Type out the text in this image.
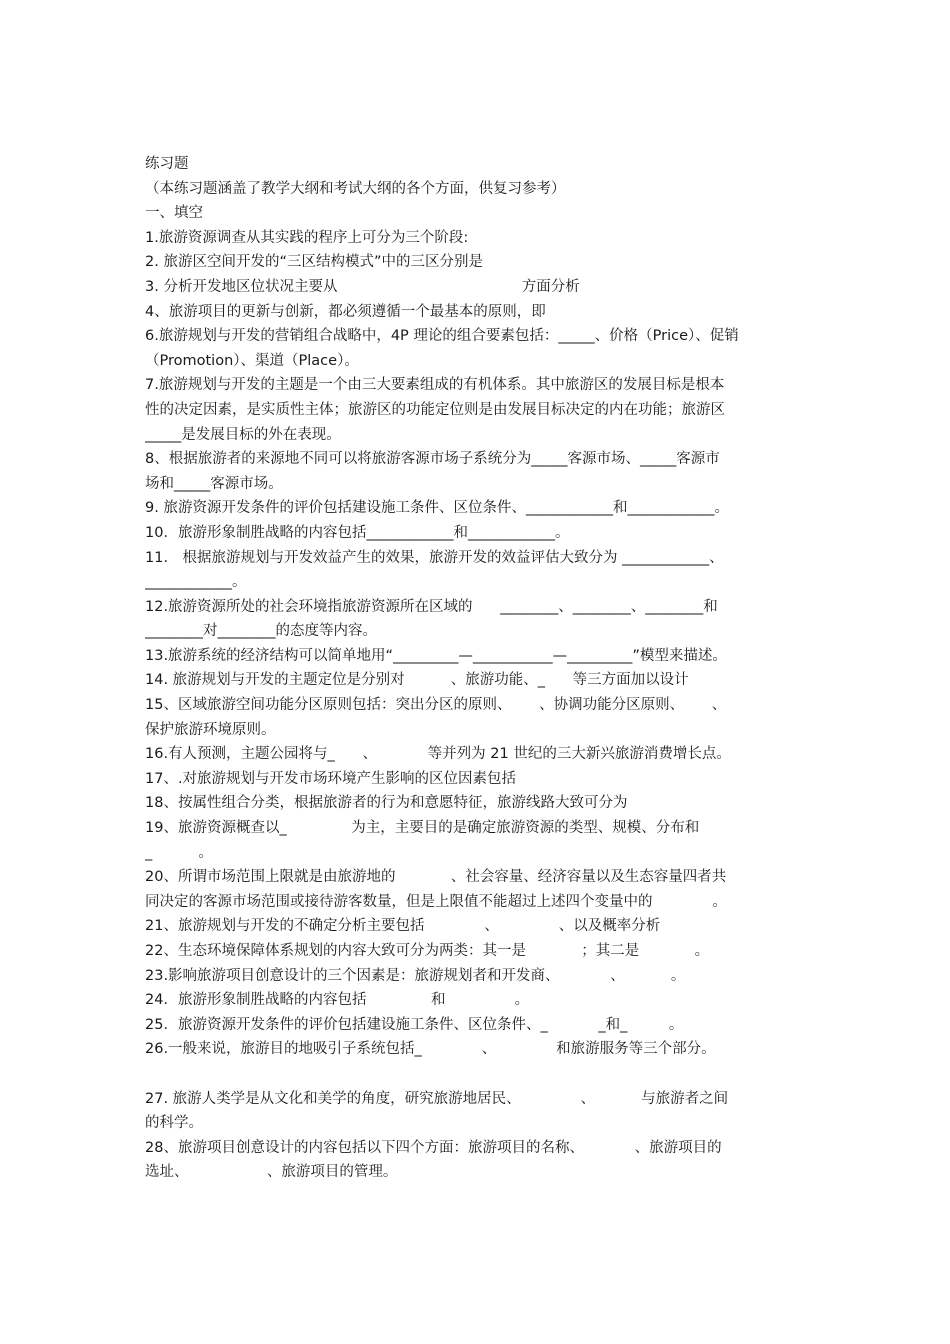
练习题
（本练习题涵盖了教学大纲和考试大纲的各个方面，供复习参考）
一、填空
1.旅游资源调查从其实践的程序上可分为三个阶段:
2. 旅游区空间开发的“三区结构模式”中的三区分别是
3. 分析开发地区位状况主要从                                        方面分析
4、旅游项目的更新与创新，都必须遵循一个最基本的原则，即
6.旅游规划与开发的营销组合战略中，4P 理论的组合要素包括：_____、价格（Price）、促销
（Promotion）、渠道（Place）。
7.旅游规划与开发的主题是一个由三大要素组成的有机体系。其中旅游区的发展目标是根本
性的决定因素，是实质性主体；旅游区的功能定位则是由发展目标决定的内在功能；旅游区
_____是发展目标的外在表现。
8、根据旅游者的来源地不同可以将旅游客源市场子系统分为_____客源市场、_____客源市
场和_____客源市场。
9. 旅游资源开发条件的评价包括建设施工条件、区位条件、____________和____________。
10．旅游形象制胜战略的内容包括____________和____________。
11． 根据旅游规划与开发效益产生的效果，旅游开发的效益评估大致分为 ____________、
____________。
12.旅游资源所处的社会环境指旅游资源所在区域的      ________、________、________和
________对________的态度等内容。
13.旅游系统的经济结构可以简单地用“_________—___________—_________”模型来描述。
14. 旅游规划与开发的主题定位是分别对          、旅游功能、_      等三方面加以设计
15、区域旅游空间功能分区原则包括：突出分区的原则、      、协调功能分区原则、      、
保护旅游环境原则。
16.有人预测，主题公园将与_      、           等并列为 21 世纪的三大新兴旅游消费增长点。
17、.对旅游规划与开发市场环境产生影响的区位因素包括
18、按属性组合分类，根据旅游者的行为和意愿特征，旅游线路大致可分为
19、旅游资源概查以_              为主，主要目的是确定旅游资源的类型、规模、分布和
_          。
20、所谓市场范围上限就是由旅游地的            、社会容量、经济容量以及生态容量四者共
同决定的客源市场范围或接待游客数量，但是上限值不能超过上述四个变量中的             。
21、旅游规划与开发的不确定分析主要包括             、             、以及概率分析
22、生态环境保障体系规划的内容大致可分为两类：其一是            ；其二是            。
23.影响旅游项目创意设计的三个因素是：旅游规划者和开发商、           、          。
24．旅游形象制胜战略的内容包括              和               。
25．旅游资源开发条件的评价包括建设施工条件、区位条件、_           _和_         。
26.一般来说，旅游目的地吸引子系统包括_             、             和旅游服务等三个部分。
27. 旅游人类学是从文化和美学的角度，研究旅游地居民、             、          与旅游者之间
的科学。
28、旅游项目创意设计的内容包括以下四个方面：旅游项目的名称、           、旅游项目的
选址、                 、旅游项目的管理。
